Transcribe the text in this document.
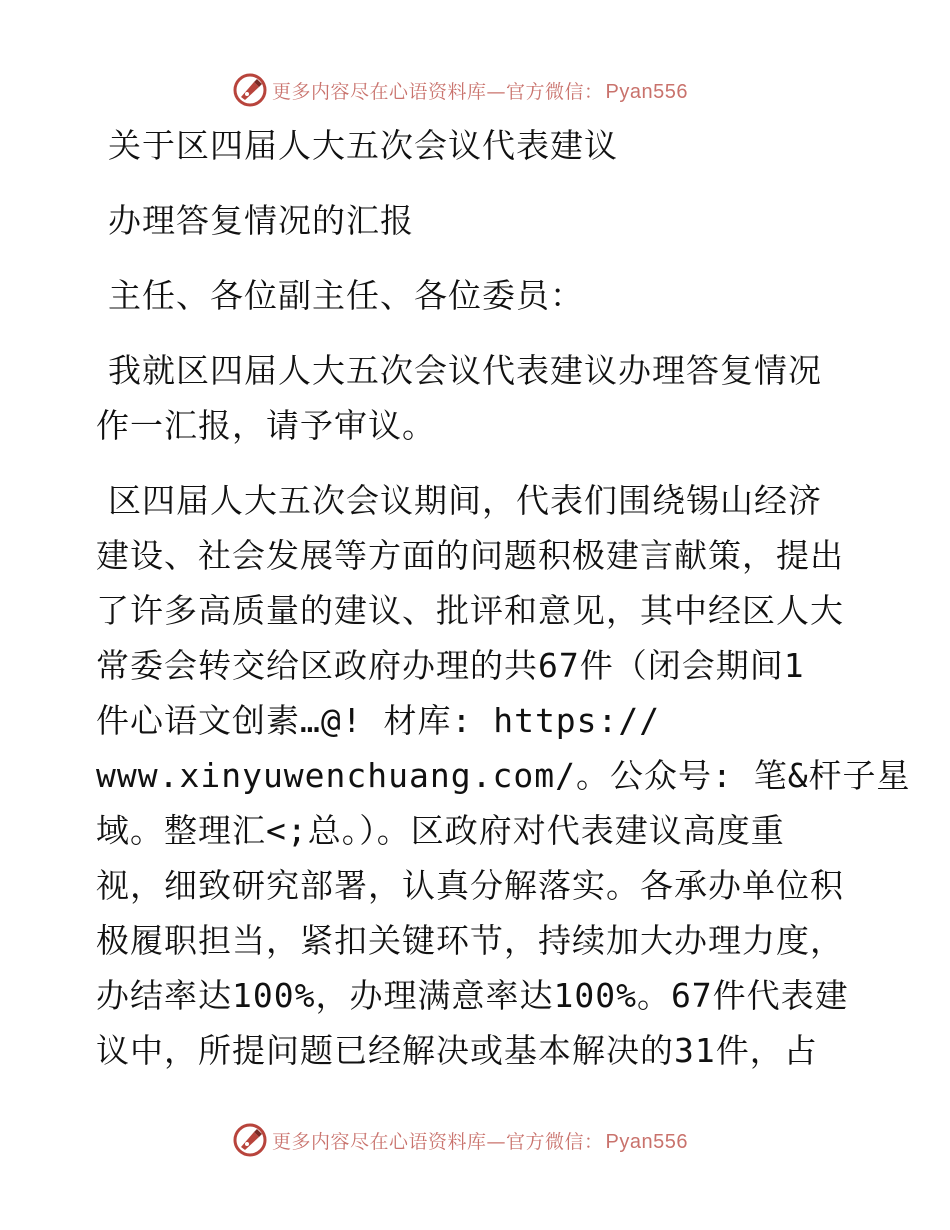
更多内容尽在心语资料库—官方微信： Pyan556
关于区四届人大五次会议代表建议
办理答复情况的汇报
主任、各位副主任、各位委员：
我就区四届人大五次会议代表建议办理答复情况
作一汇报，请予审议。
区四届人大五次会议期间，代表们围绕锡山经济
建设、社会发展等方面的问题积极建言献策，提出
了许多高质量的建议、批评和意见，其中经区人大
常委会转交给区政府办理的共67件（闭会期间1
件心语文创素…@! 材库: https://
www.xinyuwenchuang.com/。公众号: 笔&杆子星
域。整理汇<;总。）。区政府对代表建议高度重
视，细致研究部署，认真分解落实。各承办单位积
极履职担当，紧扣关键环节，持续加大办理力度，
办结率达100%，办理满意率达100%。67件代表建
议中，所提问题已经解决或基本解决的31件，占
更多内容尽在心语资料库—官方微信： Pyan556
